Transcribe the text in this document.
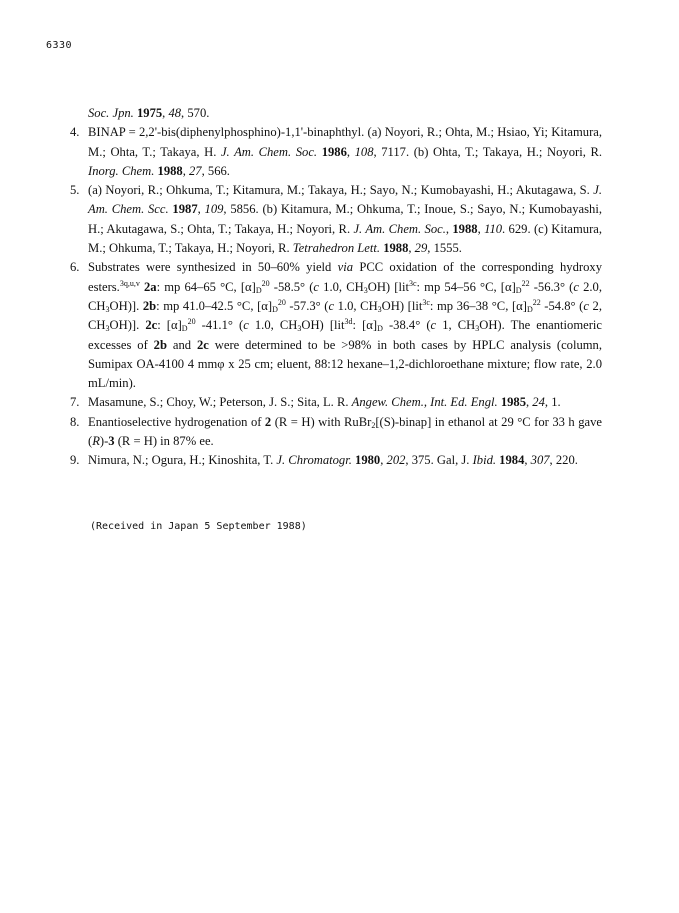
6330
Soc. Jpn. 1975, 48, 570.
4. BINAP = 2,2'-bis(diphenylphosphino)-1,1'-binaphthyl. (a) Noyori, R.; Ohta, M.; Hsiao, Yi; Kitamura, M.; Ohta, T.; Takaya, H. J. Am. Chem. Soc. 1986, 108, 7117. (b) Ohta, T.; Takaya, H.; Noyori, R. Inorg. Chem. 1988, 27, 566.
5. (a) Noyori, R.; Ohkuma, T.; Kitamura, M.; Takaya, H.; Sayo, N.; Kumobayashi, H.; Akutagawa, S. J. Am. Chem. Scc. 1987, 109, 5856. (b) Kitamura, M.; Ohkuma, T.; Inoue, S.; Sayo, N.; Kumobayashi, H.; Akutagawa, S.; Ohta, T.; Takaya, H.; Noyori, R. J. Am. Chem. Soc., 1988, 110. 629. (c) Kitamura, M.; Ohkuma, T.; Takaya, H.; Noyori, R. Tetrahedron Lett. 1988, 29, 1555.
6. Substrates were synthesized in 50–60% yield via PCC oxidation of the corresponding hydroxy esters.$^{3q,u,v}$ 2a: mp 64–65 °C, $[\alpha]_D^{20}$ -58.5° (c 1.0, $CH_3OH$) [lit$^{3c}$: mp 54–56 °C, $[\alpha]_D^{22}$ -56.3° (c 2.0, $CH_3OH$)]. 2b: mp 41.0–42.5 °C, $[\alpha]_D^{20}$ -57.3° (c 1.0, $CH_3OH$) [lit$^{3c}$: mp 36–38 °C, $[\alpha]_D^{22}$ -54.8° (c 2, $CH_3OH$)]. 2c: $[\alpha]_D^{20}$ -41.1° (c 1.0, $CH_3OH$) [lit$^{3d}$: $[\alpha]_D$ -38.4° (c 1, $CH_3OH$). The enantiomeric excesses of 2b and 2c were determined to be >98% in both cases by HPLC analysis (column, Sumipax OA-4100 4 mmφ x 25 cm; eluent, 88:12 hexane–1,2-dichloroethane mixture; flow rate, 2.0 mL/min).
7. Masamune, S.; Choy, W.; Peterson, J. S.; Sita, L. R. Angew. Chem., Int. Ed. Engl. 1985, 24, 1.
8. Enantioselective hydrogenation of 2 (R = H) with RuBr$_2$[(S)-binap] in ethanol at 29 °C for 33 h gave (R)-3 (R = H) in 87% ee.
9. Nimura, N.; Ogura, H.; Kinoshita, T. J. Chromatogr. 1980, 202, 375. Gal, J. Ibid. 1984, 307, 220.
(Received in Japan 5 September 1988)
